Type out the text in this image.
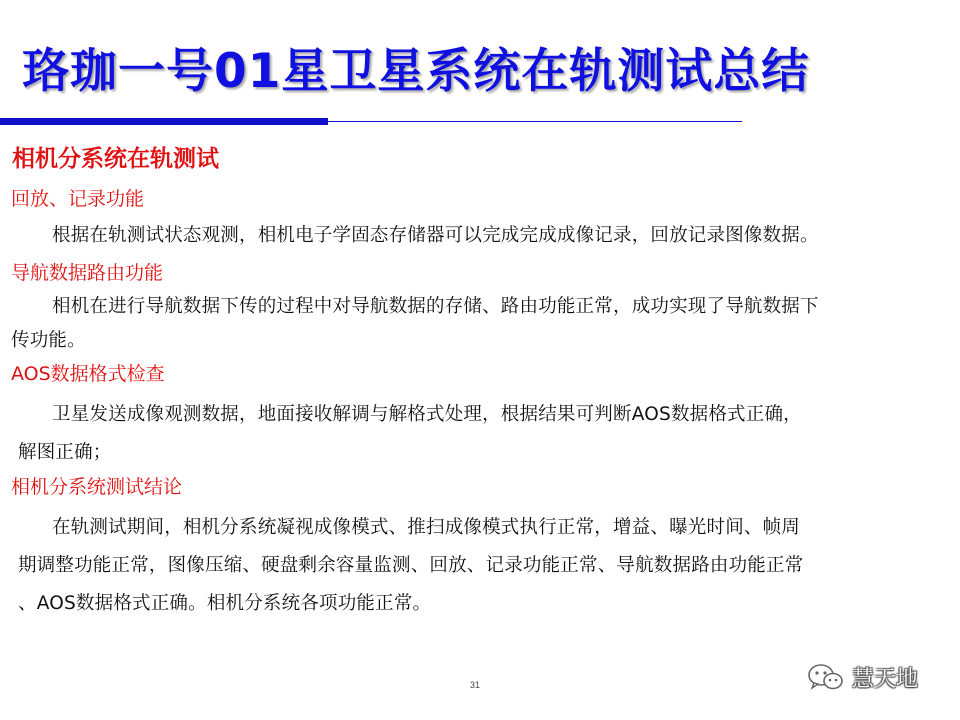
珞珈一号01星卫星系统在轨测试总结
相机分系统在轨测试
回放、记录功能
根据在轨测试状态观测，相机电子学固态存储器可以完成完成成像记录，回放记录图像数据。
导航数据路由功能
相机在进行导航数据下传的过程中对导航数据的存储、路由功能正常，成功实现了导航数据下
传功能。
AOS数据格式检查
卫星发送成像观测数据，地面接收解调与解格式处理，根据结果可判断AOS数据格式正确，
解图正确；
相机分系统测试结论
在轨测试期间，相机分系统凝视成像模式、推扫成像模式执行正常，增益、曝光时间、帧周
期调整功能正常，图像压缩、硬盘剩余容量监测、回放、记录功能正常、导航数据路由功能正常
、AOS数据格式正确。相机分系统各项功能正常。
31	慧天地
